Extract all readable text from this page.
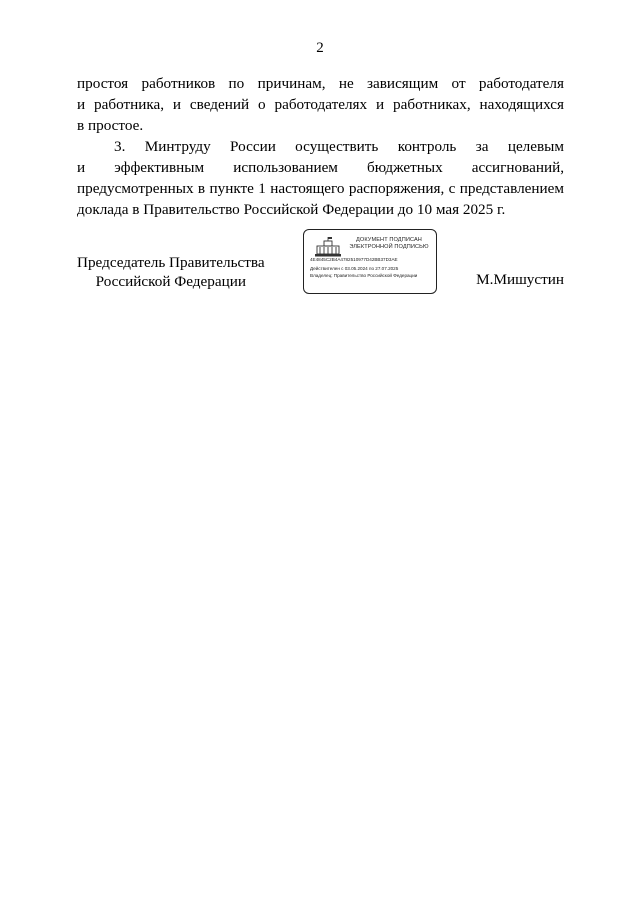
2
простоя работников по причинам, не зависящим от работодателя
и работника, и сведений о работодателях и работниках, находящихся
в простое.
3. Минтруду России осуществить контроль за целевым
и эффективным использованием бюджетных ассигнований,
предусмотренных в пункте 1 настоящего распоряжения, с представлением
доклада в Правительство Российской Федерации до 10 мая 2025 г.
Председатель Правительства
Российской Федерации
ДОКУМЕНТ ПОДПИСАН
ЭЛЕКТРОННОЙ ПОДПИСЬЮ
4E4845C2B4A4782510977D42BB37D3AE
Действителен с 03.05.2024 по 27.07.2025
Владелец: Правительство Российской Федерации	М.Мишустин
